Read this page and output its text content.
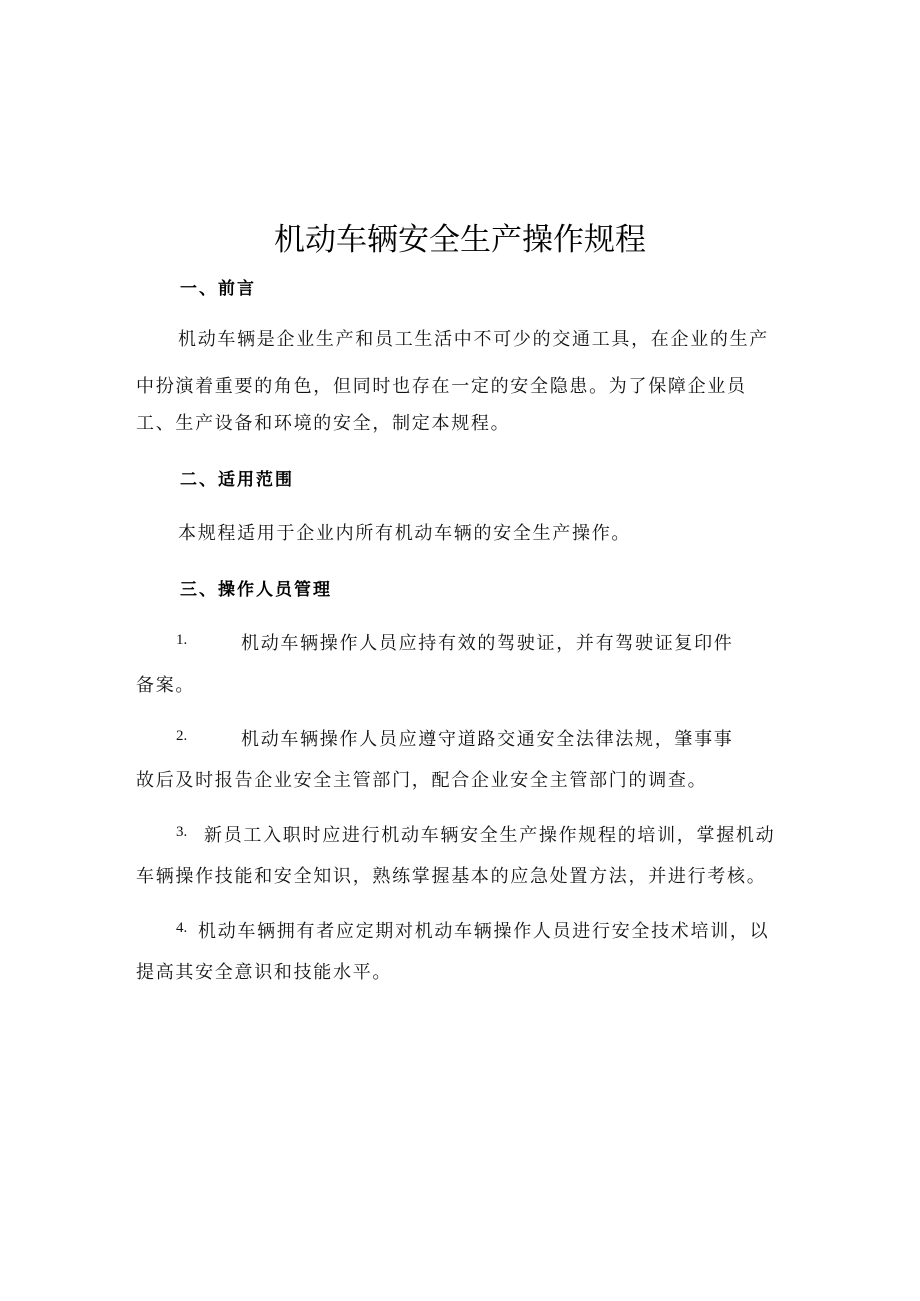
机动车辆安全生产操作规程
一、前言
机动车辆是企业生产和员工生活中不可少的交通工具，在企业的生产
中扮演着重要的角色，但同时也存在一定的安全隐患。为了保障企业员
工、生产设备和环境的安全，制定本规程。
二、适用范围
本规程适用于企业内所有机动车辆的安全生产操作。
三、操作人员管理
1.	机动车辆操作人员应持有效的驾驶证，并有驾驶证复印件
备案。
2.	机动车辆操作人员应遵守道路交通安全法律法规，肇事事
故后及时报告企业安全主管部门，配合企业安全主管部门的调查。
3. 新员工入职时应进行机动车辆安全生产操作规程的培训，掌握机动
车辆操作技能和安全知识，熟练掌握基本的应急处置方法，并进行考核。
4. 机动车辆拥有者应定期对机动车辆操作人员进行安全技术培训，以
提高其安全意识和技能水平。
